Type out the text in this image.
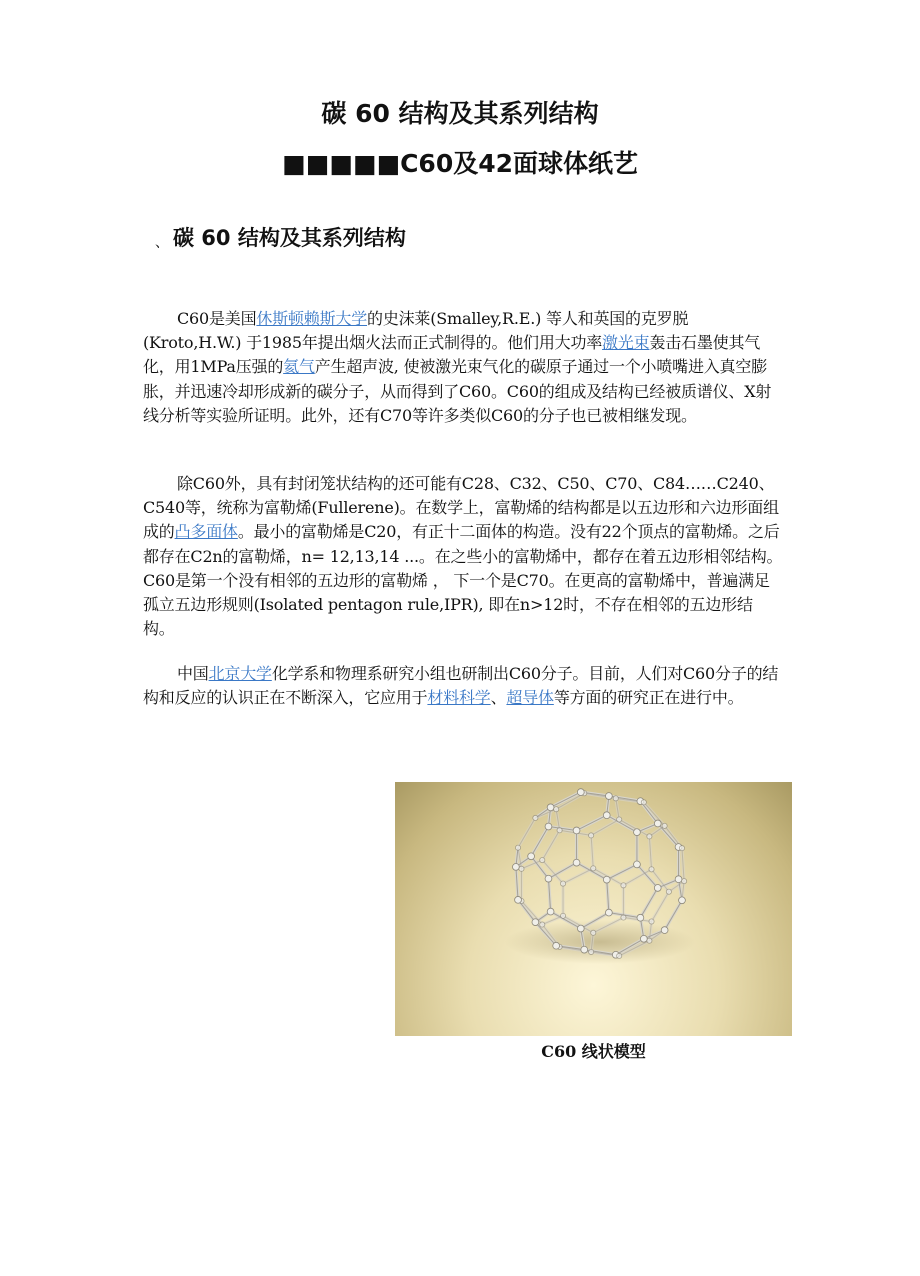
碳 60 结构及其系列结构
■■■■■C60及42面球体纸艺
、 碳 60 结构及其系列结构

C60是美国休斯顿赖斯大学的史沫莱(Smalley,R.E.) 等人和英国的克罗脱(Kroto,H.W.) 于1985年提出烟火法而正式制得的。他们用大功率激光束轰击石墨使其气化，用1MPa压强的氦气产生超声波, 使被激光束气化的碳原子通过一个小喷嘴进入真空膨胀，并迅速冷却形成新的碳分子，从而得到了C60。C60的组成及结构已经被质谱仪、X射线分析等实验所证明。此外，还有C70等许多类似C60的分子也已被相继发现。

除C60外，具有封闭笼状结构的还可能有C28、C32、C50、C70、C84……C240、C540等，统称为富勒烯(Fullerene)。在数学上，富勒烯的结构都是以五边形和六边形面组成的凸多面体。最小的富勒烯是C20，有正十二面体的构造。没有22个顶点的富勒烯。之后都存在C2n的富勒烯，n= 12,13,14 ...。在之些小的富勒烯中，都存在着五边形相邻结构。C60是第一个没有相邻的五边形的富勒烯 ， 下一个是C70。在更高的富勒烯中，普遍满足孤立五边形规则(Isolated pentagon rule,IPR), 即在n>12时，不存在相邻的五边形结构。

中国北京大学化学系和物理系研究小组也研制出C60分子。目前，人们对C60分子的结构和反应的认识正在不断深入，它应用于材料科学、超导体等方面的研究正在进行中。

C60 线状模型
